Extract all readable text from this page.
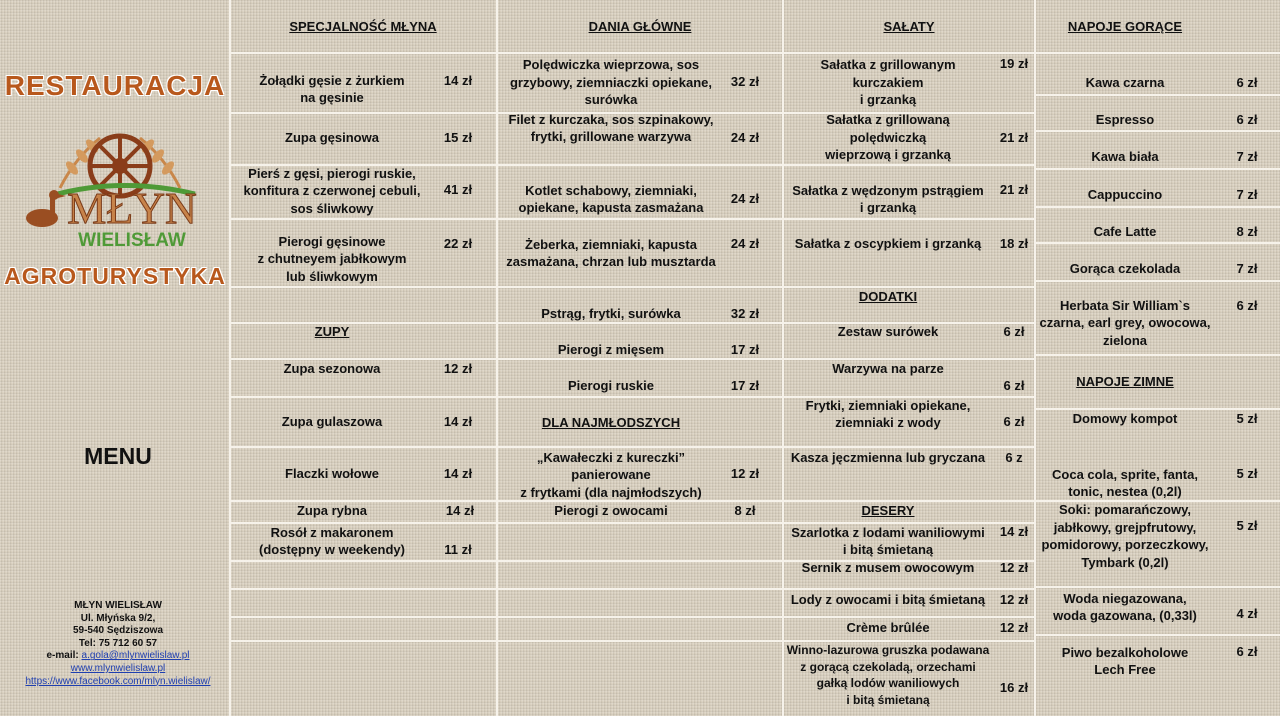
RESTAURACJA
MŁYN
WIELISŁAW
AGROTURYSTYKA
MENU
MŁYN WIELISŁAW
Ul. Młyńska 9/2,
59-540 Sędziszowa
Tel: 75 712 60 57
e-mail: a.gola@mlynwielislaw.pl
www.mlynwielislaw.pl
https://www.facebook.com/mlyn.wielislaw/
SPECJALNOŚĆ MŁYNA
Żołądki gęsie z żurkiem
na gęsinie
14 zł
Zupa gęsinowa	15 zł
Pierś z gęsi, pierogi ruskie,
konfitura z czerwonej cebuli,
sos śliwkowy
41 zł
Pierogi gęsinowe
z chutneyem jabłkowym
lub śliwkowym
22 zł
ZUPY
Zupa sezonowa	12 zł
Zupa gulaszowa	14 zł
Flaczki wołowe	14 zł
Zupa rybna	14 zł
Rosół z makaronem
(dostępny w weekendy)	11 zł
DANIA GŁÓWNE
Polędwiczka wieprzowa, sos
grzybowy, ziemniaczki opiekane,
surówka
32 zł
Filet z kurczaka, sos szpinakowy,
frytki, grillowane warzywa	24 zł
Kotlet schabowy, ziemniaki,
opiekane, kapusta zasmażana
24 zł
Żeberka, ziemniaki, kapusta
zasmażana, chrzan lub musztarda
24 zł
Pstrąg, frytki, surówka	32 zł
Pierogi z mięsem	17 zł
Pierogi ruskie	17 zł
DLA NAJMŁODSZYCH
„Kawałeczki z kureczki”
panierowane
z frytkami (dla najmłodszych)
12 zł
Pierogi z owocami	8 zł
SAŁATY
Sałatka z grillowanym
kurczakiem
i grzanką
19 zł
Sałatka z grillowaną
polędwiczką
wieprzową i grzanką
21 zł
Sałatka z wędzonym pstrągiem
i grzanką
21 zł
Sałatka z oscypkiem i grzanką 18 zł
DODATKI
Zestaw surówek	6 zł
Warzywa na parze
6 zł
Frytki, ziemniaki opiekane,
ziemniaki z wody	6 zł
Kasza jęczmienna lub gryczana 6 z
DESERY
Szarlotka z lodami waniliowymi
i bitą śmietaną
14 zł
Sernik z musem owocowym 12 zł
Lody z owocami i bitą śmietaną 12 zł
Crème brûlée	12 zł
Winno-lazurowa gruszka podawana
z gorącą czekoladą, orzechami
gałką lodów waniliowych
i bitą śmietaną
16 zł
NAPOJE GORĄCE
Kawa czarna	6 zł
Espresso	6 zł
Kawa biała	7 zł
Cappuccino	7 zł
Cafe Latte	8 zł
Gorąca czekolada	7 zł
Herbata Sir William`s
czarna, earl grey, owocowa,
zielona
6 zł
NAPOJE ZIMNE
Domowy kompot	5 zł
Coca cola, sprite, fanta,
tonic, nestea (0,2l)
5 zł
Soki: pomarańczowy,
jabłkowy, grejpfrutowy,
pomidorowy, porzeczkowy,
Tymbark (0,2l)
5 zł
Woda niegazowana,
woda gazowana, (0,33l)	4 zł
Piwo bezalkoholowe
Lech Free
6 zł
